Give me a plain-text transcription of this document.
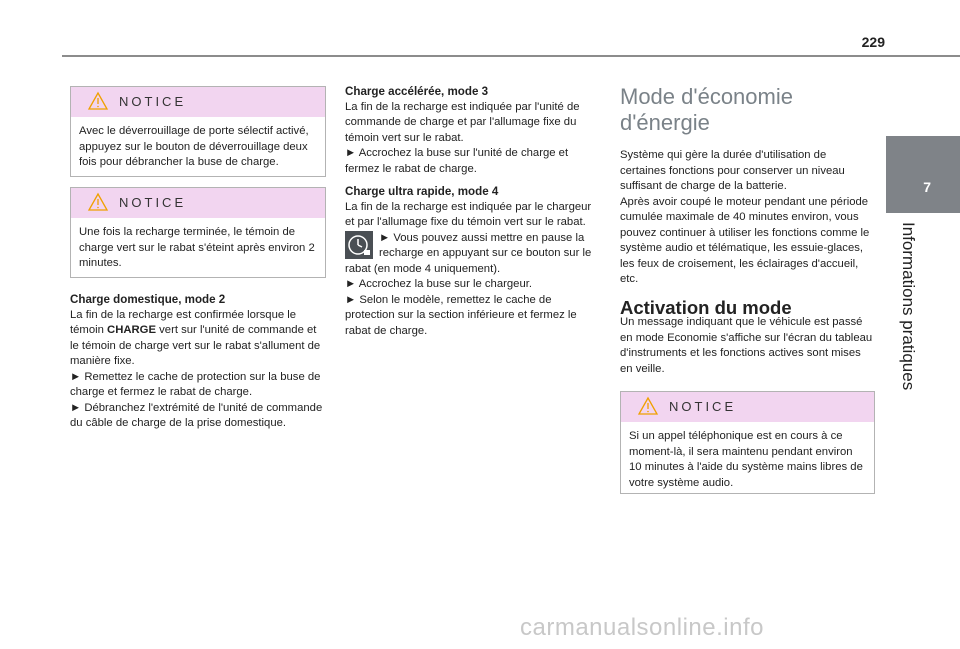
229
7
Informations pratiques
NOTICE

Avec le déverrouillage de porte sélectif activé, appuyez sur le bouton de déverrouillage deux fois pour débrancher la buse de charge.

NOTICE

Une fois la recharge terminée, le témoin de charge vert sur le rabat s'éteint après environ 2 minutes.

Charge domestique, mode 2

La fin de la recharge est confirmée lorsque le témoin CHARGE vert sur l'unité de commande et le témoin de charge vert sur le rabat s'allument de manière fixe.

► Remettez le cache de protection sur la buse de charge et fermez le rabat de charge.

► Débranchez l'extrémité de l'unité de commande du câble de charge de la prise domestique.

Charge accélérée, mode 3

La fin de la recharge est indiquée par l'unité de commande de charge et par l'allumage fixe du témoin vert sur le rabat.

► Accrochez la buse sur l'unité de charge et fermez le rabat de charge.

Charge ultra rapide, mode 4

La fin de la recharge est indiquée par le chargeur et par l'allumage fixe du témoin vert sur le rabat.

► Vous pouvez aussi mettre en pause la recharge en appuyant sur ce bouton sur le rabat (en mode 4 uniquement).

► Accrochez la buse sur le chargeur.

► Selon le modèle, remettez le cache de protection sur la section inférieure et fermez le rabat de charge.

Mode d'économie
d'énergie

Système qui gère la durée d'utilisation de certaines fonctions pour conserver un niveau suffisant de charge de la batterie.

Après avoir coupé le moteur pendant une période cumulée maximale de 40 minutes environ, vous pouvez continuer à utiliser les fonctions comme le système audio et télématique, les essuie-glaces, les feux de croisement, les éclairages d'accueil, etc.

Activation du mode

Un message indiquant que le véhicule est passé en mode Economie s'affiche sur l'écran du tableau d'instruments et les fonctions actives sont mises en veille.

NOTICE

Si un appel téléphonique est en cours à ce moment-là, il sera maintenu pendant environ 10 minutes à l'aide du système mains libres de votre système audio.

carmanualsonline.info
